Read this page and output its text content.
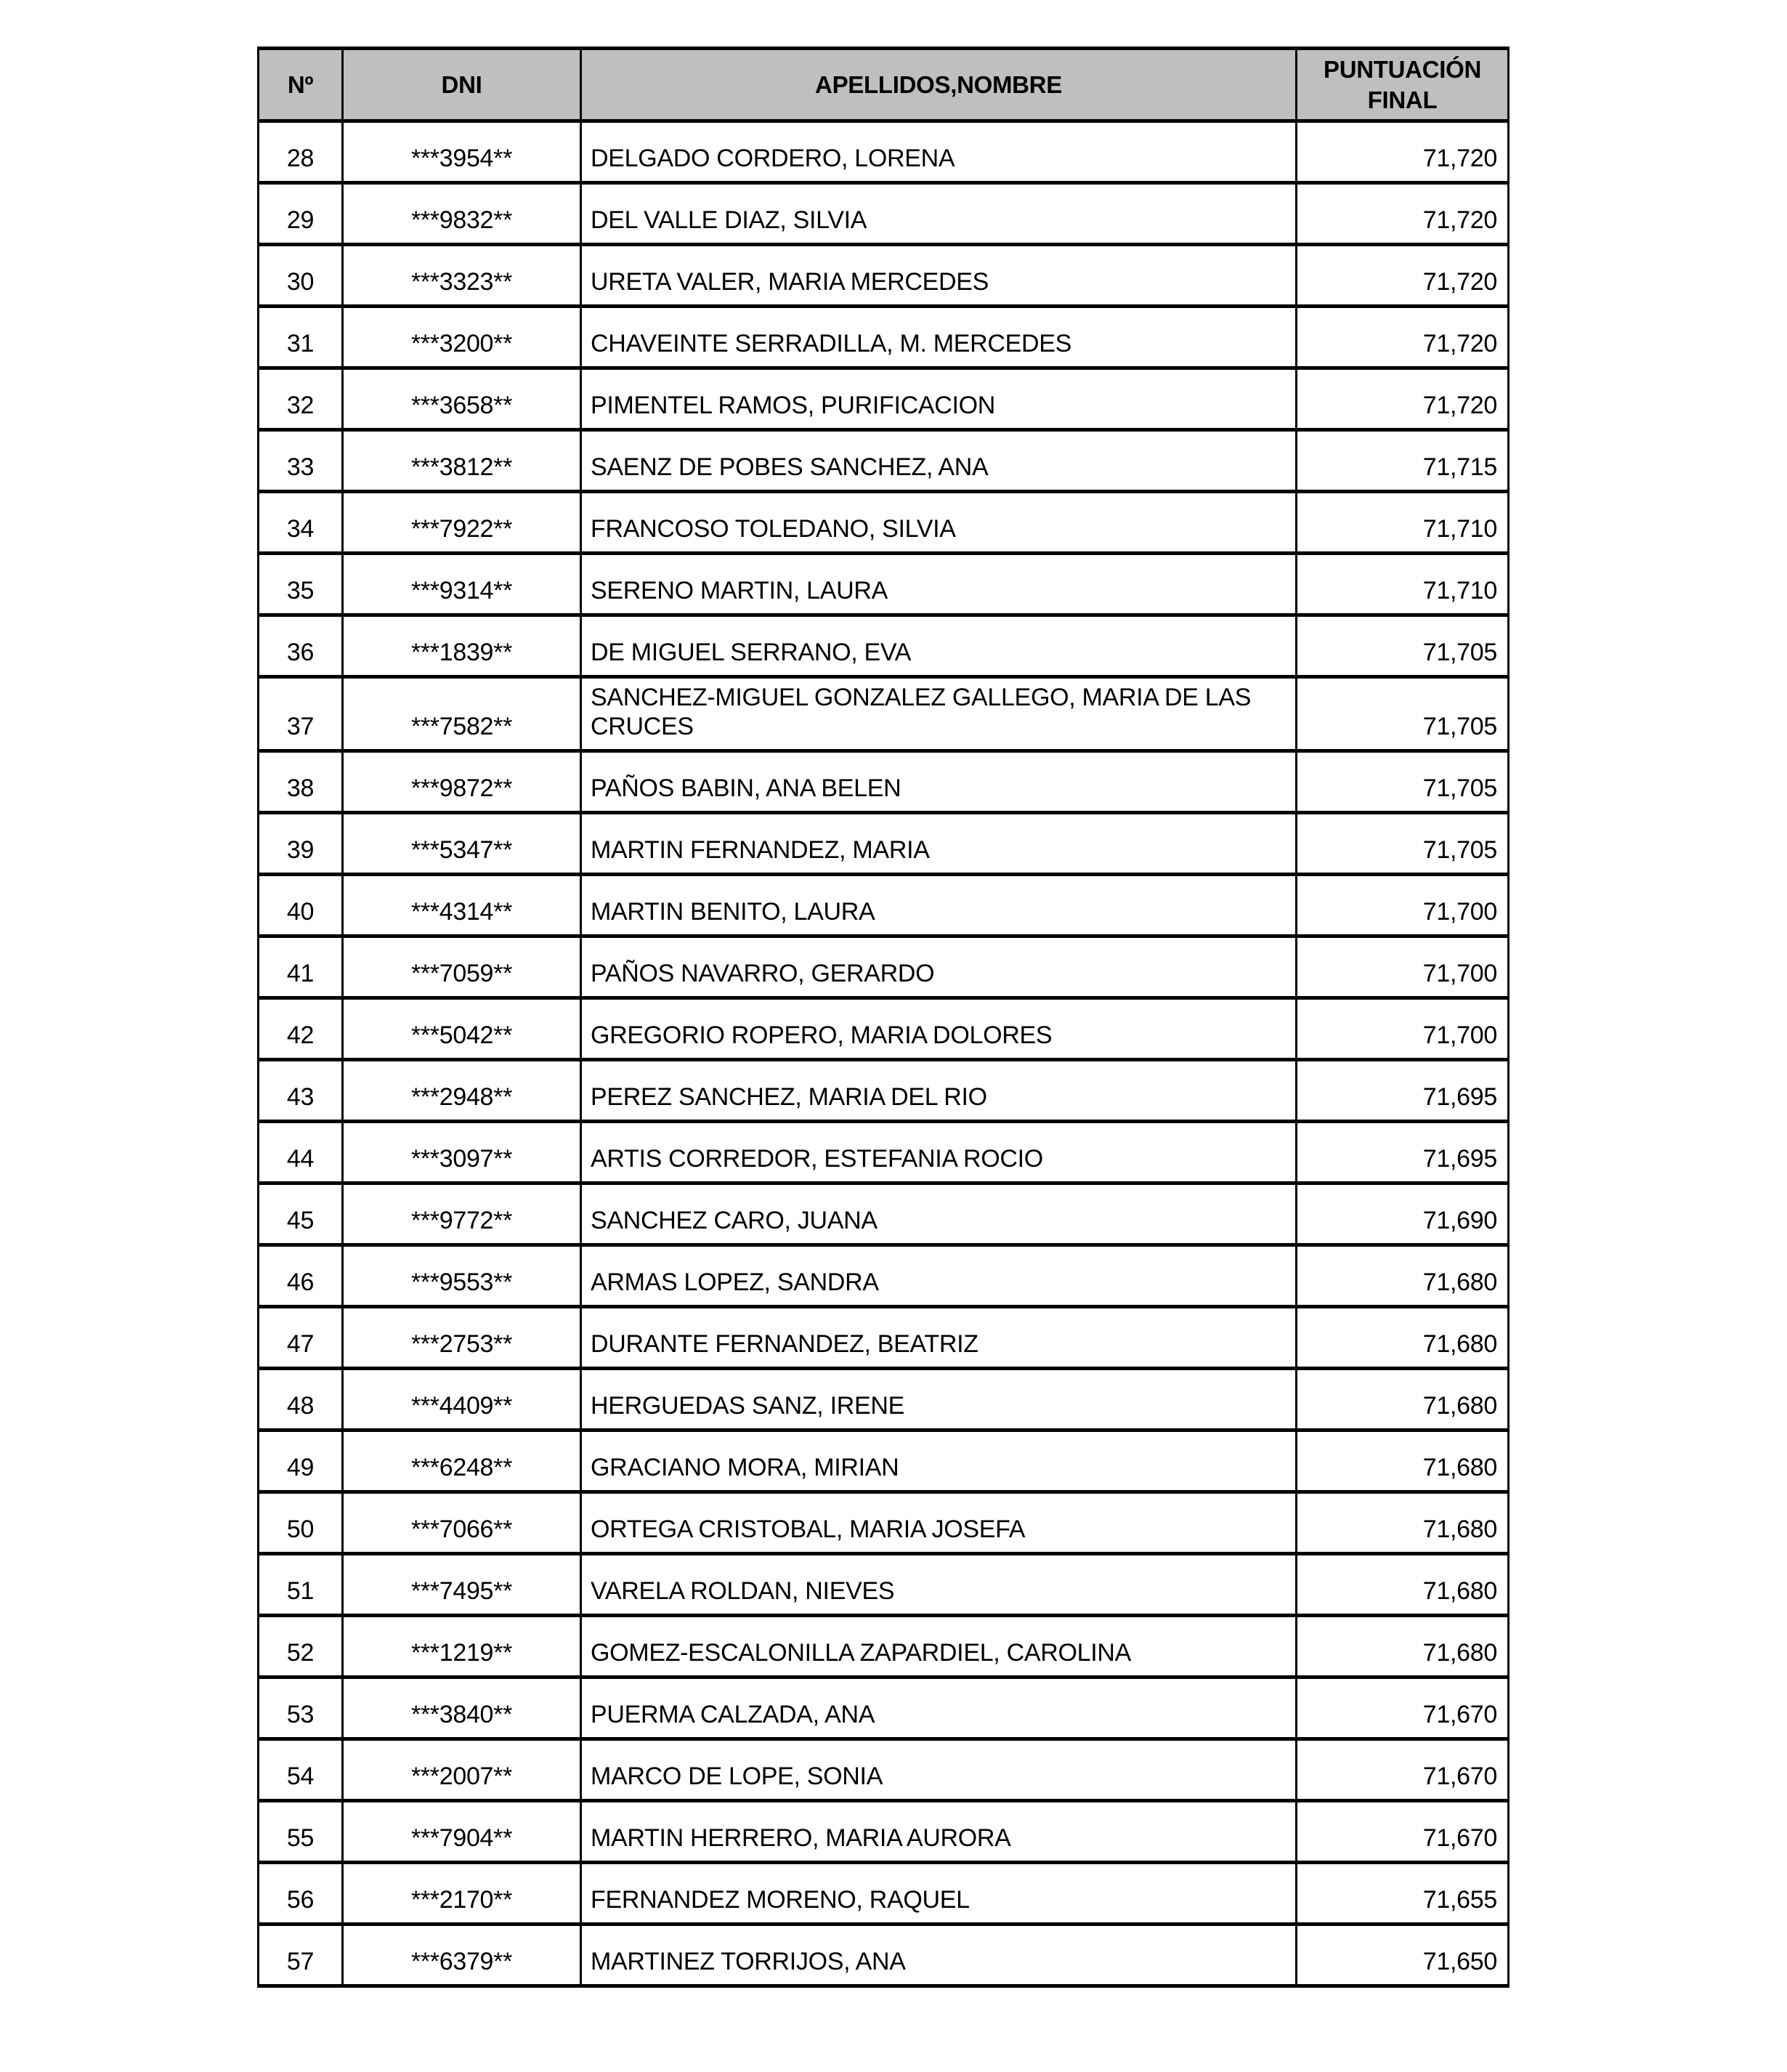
Nº	DNI	APELLIDOS,NOMBRE	PUNTUACIÓN FINAL
28	***3954**	DELGADO CORDERO, LORENA	71,720
29	***9832**	DEL VALLE DIAZ, SILVIA	71,720
30	***3323**	URETA VALER, MARIA MERCEDES	71,720
31	***3200**	CHAVEINTE SERRADILLA, M. MERCEDES	71,720
32	***3658**	PIMENTEL RAMOS, PURIFICACION	71,720
33	***3812**	SAENZ DE POBES SANCHEZ, ANA	71,715
34	***7922**	FRANCOSO TOLEDANO, SILVIA	71,710
35	***9314**	SERENO MARTIN, LAURA	71,710
36	***1839**	DE MIGUEL SERRANO, EVA	71,705
37	***7582**	SANCHEZ-MIGUEL GONZALEZ GALLEGO, MARIA DE LAS CRUCES	71,705
38	***9872**	PAÑOS BABIN, ANA BELEN	71,705
39	***5347**	MARTIN FERNANDEZ, MARIA	71,705
40	***4314**	MARTIN BENITO, LAURA	71,700
41	***7059**	PAÑOS NAVARRO, GERARDO	71,700
42	***5042**	GREGORIO ROPERO, MARIA DOLORES	71,700
43	***2948**	PEREZ SANCHEZ, MARIA DEL RIO	71,695
44	***3097**	ARTIS CORREDOR, ESTEFANIA ROCIO	71,695
45	***9772**	SANCHEZ CARO, JUANA	71,690
46	***9553**	ARMAS LOPEZ, SANDRA	71,680
47	***2753**	DURANTE FERNANDEZ, BEATRIZ	71,680
48	***4409**	HERGUEDAS SANZ, IRENE	71,680
49	***6248**	GRACIANO MORA, MIRIAN	71,680
50	***7066**	ORTEGA CRISTOBAL, MARIA JOSEFA	71,680
51	***7495**	VARELA ROLDAN, NIEVES	71,680
52	***1219**	GOMEZ-ESCALONILLA ZAPARDIEL, CAROLINA	71,680
53	***3840**	PUERMA CALZADA, ANA	71,670
54	***2007**	MARCO DE LOPE, SONIA	71,670
55	***7904**	MARTIN HERRERO, MARIA AURORA	71,670
56	***2170**	FERNANDEZ MORENO, RAQUEL	71,655
57	***6379**	MARTINEZ TORRIJOS, ANA	71,650
